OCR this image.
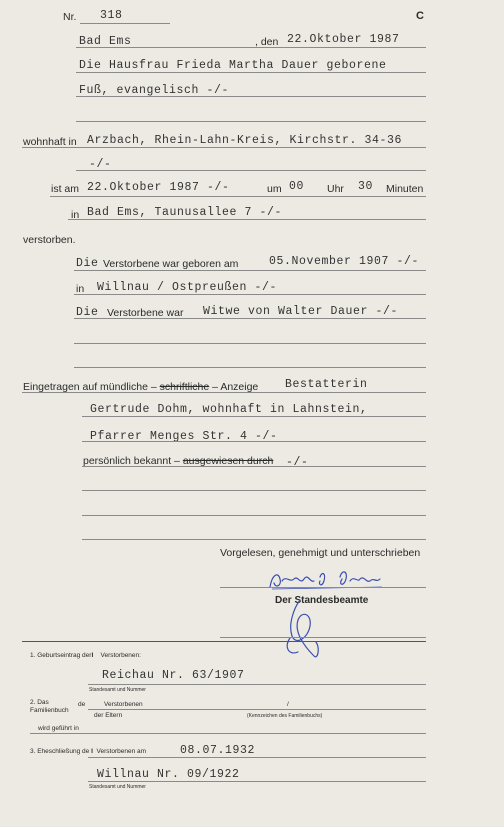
Nr. 318	C
Bad Ems	, den 22.Oktober 1987
Die Hausfrau Frieda Martha Dauer geborene
Fuß, evangelisch -/-
wohnhaft in Arzbach, Rhein-Lahn-Kreis, Kirchstr. 34-36
-/-
ist am 22.Oktober 1987 -/-	um 00 Uhr 30 Minuten
in Bad Ems, Taunusallee 7 -/-
verstorben.
Die Verstorbene war geboren am	05.November 1907 -/-
in Willnau / Ostpreußen -/-
Die Verstorbene war Witwe von Walter Dauer -/-
Eingetragen auf mündliche – schriftliche – Anzeige Bestatterin
Gertrude Dohm, wohnhaft in Lahnstein,
Pfarrer Menges Str. 4 -/-
persönlich bekannt – ausgewiesen durch -/-
Vorgelesen, genehmigt und unterschrieben
Der Standesbeamte
1. Geburtseintrag derI Verstorbenen:
Reichau Nr. 63/1907
Standesamt und Nummer
2. Das
Familienbuch
de	Verstorbenen	/
der Eltern	(Kennzeichen des Familienbuchs)
wird geführt in
3. Eheschließung de I Verstorbenen am	08.07.1932
Willnau Nr. 09/1922
Standesamt und Nummer
